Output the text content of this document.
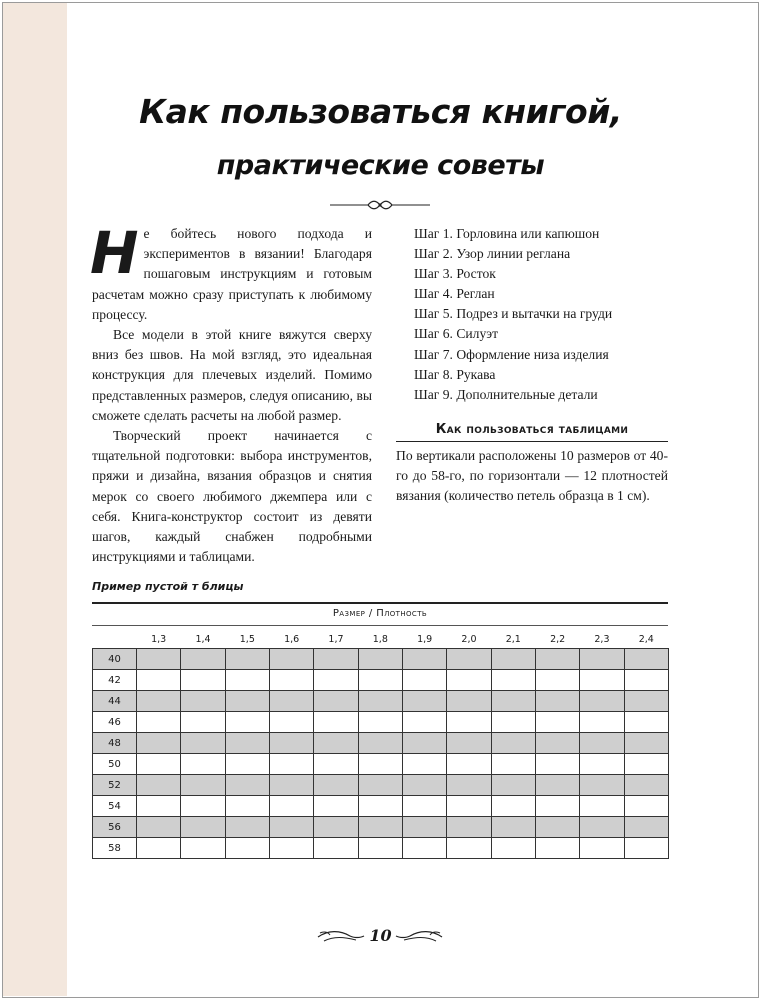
Как пользоваться книгой,
практические советы

Не бойтесь нового подхода и экспериментов в вязании! Благодаря пошаговым инструкциям и готовым расчетам можно сразу приступать к любимому процессу.

Все модели в этой книге вяжутся сверху вниз без швов. На мой взгляд, это идеальная конструкция для плечевых изделий. Помимо представленных размеров, следуя описанию, вы сможете сделать расчеты на любой размер.

Творческий проект начинается с тщательной подготовки: выбора инструментов, пряжи и дизайна, вязания образцов и снятия мерок со своего любимого джемпера или с себя. Книга-конструктор состоит из девяти шагов, каждый снабжен подробными инструкциями и таблицами.

Шаг 1. Горловина или капюшон
Шаг 2. Узор линии реглана
Шаг 3. Росток
Шаг 4. Реглан
Шаг 5. Подрез и вытачки на груди
Шаг 6. Силуэт
Шаг 7. Оформление низа изделия
Шаг 8. Рукава
Шаг 9. Дополнительные детали
Как пользоваться таблицами
По вертикали расположены 10 размеров от 40-го до 58-го, по горизонтали — 12 плотностей вязания (количество петель образца в 1 см).
Пример пустой т блицы
Размер / Плотность
	1,3	1,4	1,5	1,6	1,7	1,8	1,9	2,0	2,1	2,2	2,3	2,4
40												
42												
44												
46												
48												
50												
52												
54												
56												
58												
10
